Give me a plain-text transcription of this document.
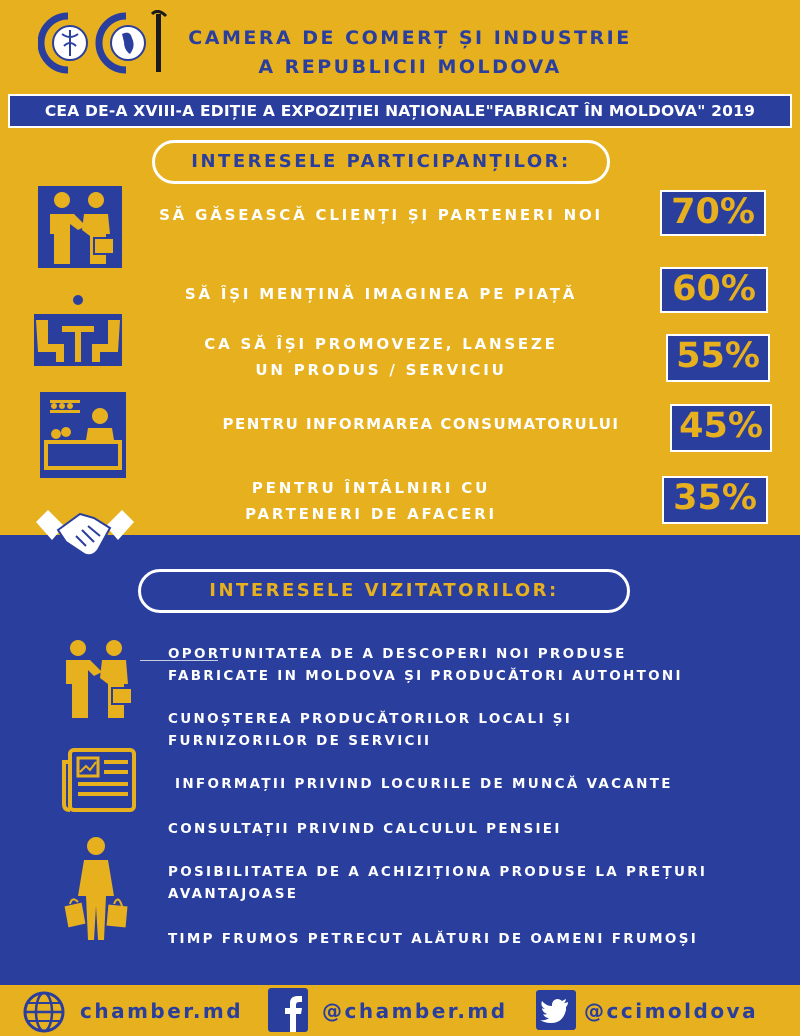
CAMERA DE COMERȚ ȘI INDUSTRIE
A REPUBLICII MOLDOVA
CEA DE-A XVIII-A EDIȚIE A EXPOZIȚIEI NAȚIONALE"FABRICAT ÎN MOLDOVA" 2019
INTERESELE PARTICIPANȚILOR:
SĂ GĂSEASCĂ CLIENȚI ȘI PARTENERI NOI	70%
SĂ ÎȘI MENȚINĂ IMAGINEA PE PIAȚĂ	60%
CA SĂ ÎȘI PROMOVEZE, LANSEZE
UN PRODUS / SERVICIU	55%
PENTRU INFORMAREA CONSUMATORULUI	45%
PENTRU ÎNTÂLNIRI CU
PARTENERI DE AFACERI	35%
INTERESELE VIZITATORILOR:
OPORTUNITATEA DE A DESCOPERI NOI PRODUSE
FABRICATE IN MOLDOVA ȘI PRODUCĂTORI AUTOHTONI
CUNOȘTEREA PRODUCĂTORILOR LOCALI ȘI
FURNIZORILOR DE SERVICII
INFORMAȚII PRIVIND LOCURILE DE MUNCĂ VACANTE
CONSULTAȚII PRIVIND CALCULUL PENSIEI
POSIBILITATEA DE A ACHIZIȚIONA PRODUSE LA PREȚURI
AVANTAJOASE
TIMP FRUMOS PETRECUT ALĂTURI DE OAMENI FRUMOȘI
chamber.md	@chamber.md	@ccimoldova
